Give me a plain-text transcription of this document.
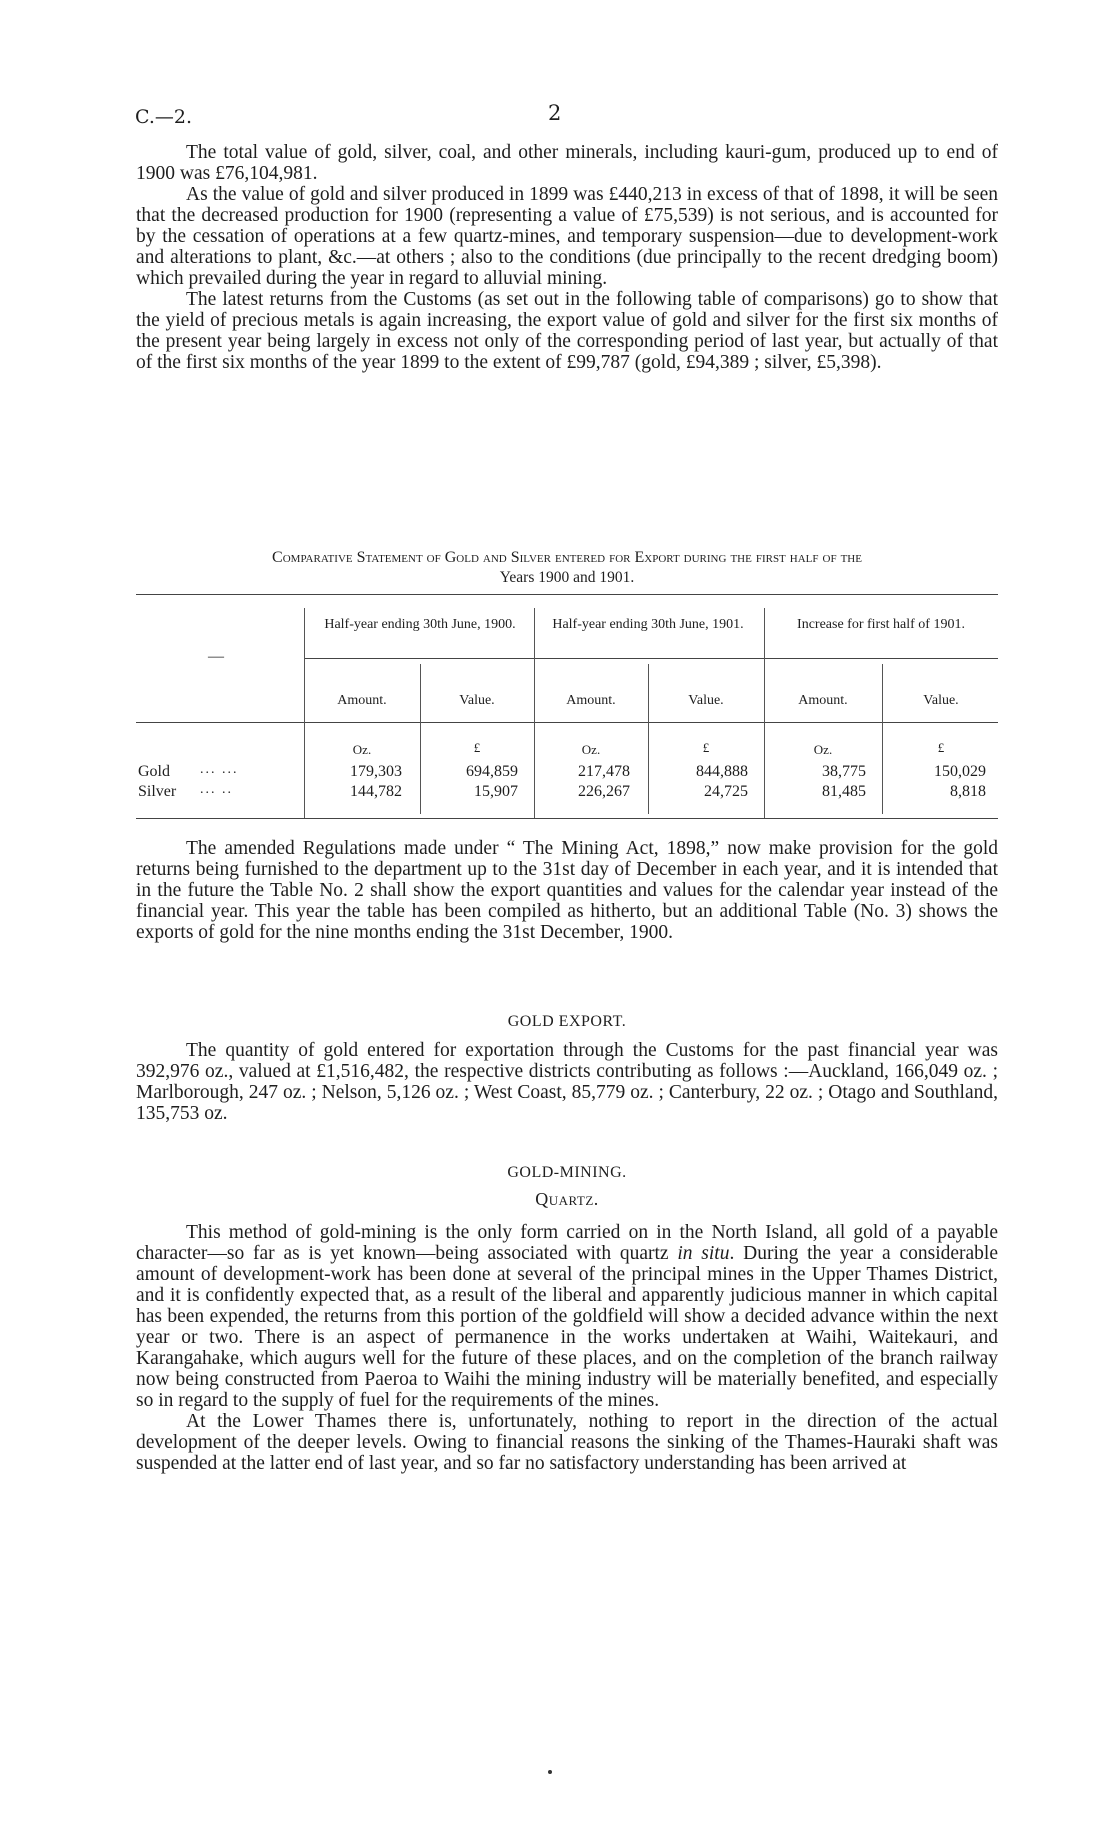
C.—2.	2

The total value of gold, silver, coal, and other minerals, including kauri-gum, produced up to end of 1900 was £76,104,981.

As the value of gold and silver produced in 1899 was £440,213 in excess of that of 1898, it will be seen that the decreased production for 1900 (representing a value of £75,539) is not serious, and is accounted for by the cessation of operations at a few quartz-mines, and temporary suspension—due to development-work and alterations to plant, &c.—at others ; also to the conditions (due principally to the recent dredging boom) which prevailed during the year in regard to alluvial mining.

The latest returns from the Customs (as set out in the following table of comparisons) go to show that the yield of precious metals is again increasing, the export value of gold and silver for the first six months of the present year being largely in excess not only of the corresponding period of last year, but actually of that of the first six months of the year 1899 to the extent of £99,787 (gold, £94,389 ; silver, £5,398).

Comparative Statement of Gold and Silver entered for Export during the first half of the
Years 1900 and 1901.
—
Half-year ending 30th June, 1900.	Half-year ending 30th June, 1901.	Increase for first half of 1901.
Amount.	Value.	Amount.	Value.	Amount.	Value.
Oz.	£	Oz.	£	Oz.	£
Gold ... ...	179,303	694,859	217,478	844,888	38,775	150,029
Silver ... ..	144,782	15,907	226,267	24,725	81,485	8,818

The amended Regulations made under “ The Mining Act, 1898,” now make provision for the gold returns being furnished to the department up to the 31st day of December in each year, and it is intended that in the future the Table No. 2 shall show the export quantities and values for the calendar year instead of the financial year. This year the table has been compiled as hitherto, but an additional Table (No. 3) shows the exports of gold for the nine months ending the 31st December, 1900.

GOLD EXPORT.

The quantity of gold entered for exportation through the Customs for the past financial year was 392,976 oz., valued at £1,516,482, the respective districts contributing as follows :—Auckland, 166,049 oz. ; Marlborough, 247 oz. ; Nelson, 5,126 oz. ; West Coast, 85,779 oz. ; Canterbury, 22 oz. ; Otago and Southland, 135,753 oz.

GOLD-MINING.
Quartz.

This method of gold-mining is the only form carried on in the North Island, all gold of a payable character—so far as is yet known—being associated with quartz in situ. During the year a considerable amount of development-work has been done at several of the principal mines in the Upper Thames District, and it is confidently expected that, as a result of the liberal and apparently judicious manner in which capital has been expended, the returns from this portion of the goldfield will show a decided advance within the next year or two. There is an aspect of permanence in the works undertaken at Waihi, Waitekauri, and Karangahake, which augurs well for the future of these places, and on the completion of the branch railway now being constructed from Paeroa to Waihi the mining industry will be materially benefited, and especially so in regard to the supply of fuel for the requirements of the mines.

At the Lower Thames there is, unfortunately, nothing to report in the direction of the actual development of the deeper levels. Owing to financial reasons the sinking of the Thames-Hauraki shaft was suspended at the latter end of last year, and so far no satisfactory understanding has been arrived at
